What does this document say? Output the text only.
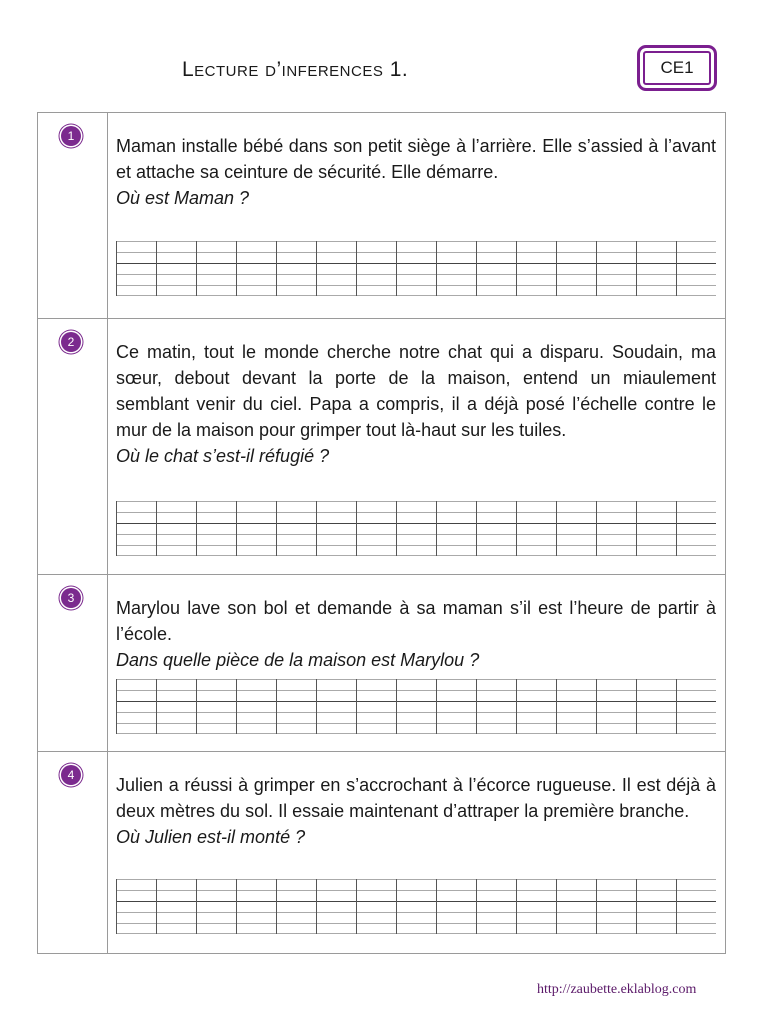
Lecture d’inferences 1.	CE1
1	Maman installe bébé dans son petit siège à l’arrière. Elle s’assied à l’avant et attache sa ceinture de sécurité. Elle démarre.

Où est Maman ?
2	Ce matin, tout le monde cherche notre chat qui a disparu. Soudain, ma sœur, debout devant la porte de la maison, entend un miaulement semblant venir du ciel. Papa a compris, il a déjà posé l’échelle contre le mur de la maison pour grimper tout là-haut sur les tuiles.

Où le chat s’est-il réfugié ?
3	Marylou lave son bol et demande à sa maman s’il est l’heure de partir à l’école.

Dans quelle pièce de la maison est Marylou ?
4	Julien a réussi à grimper en s’accrochant à l’écorce rugueuse. Il est déjà à deux mètres du sol. Il essaie maintenant d’attraper la première branche.

Où Julien est-il monté ?
http://zaubette.eklablog.com
